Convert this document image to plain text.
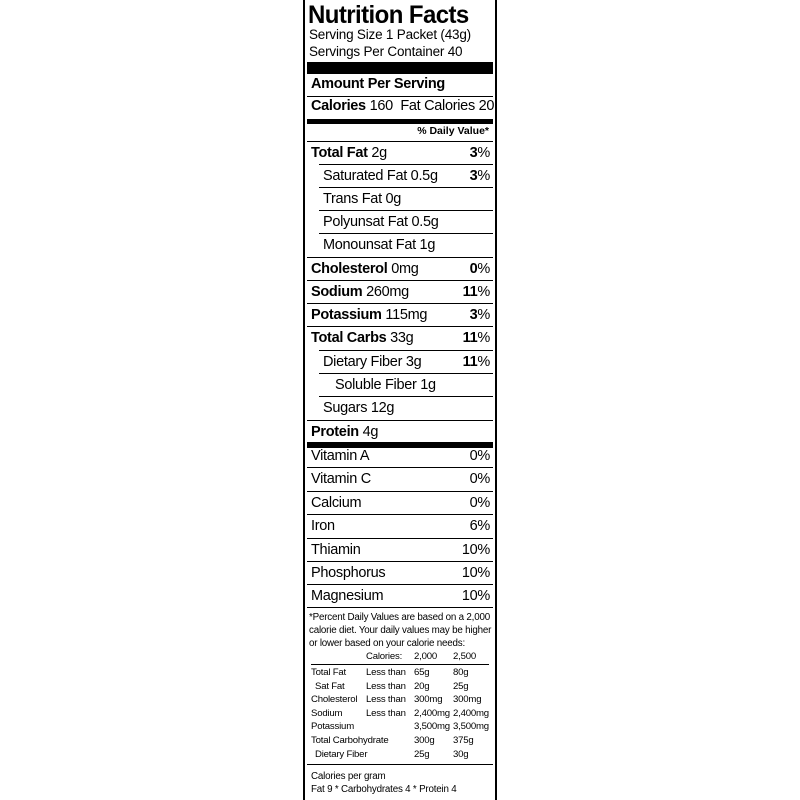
Nutrition Facts
Serving Size 1 Packet (43g)
Servings Per Container 40
Amount Per Serving
Calories 160 Fat Calories 20
% Daily Value*
Total Fat 2g	3%
Saturated Fat 0.5g 3%
Trans Fat 0g
Polyunsat Fat 0.5g
Monounsat Fat 1g
Cholesterol 0mg	0%
Sodium 260mg	11%
Potassium 115mg	3%
Total Carbs 33g	11%
Dietary Fiber 3g	11%
Soluble Fiber 1g
Sugars 12g
Protein 4g
Vitamin A	0%
Vitamin C	0%
Calcium	0%
Iron	6%
Thiamin	10%
Phosphorus	10%
Magnesium	10%
*Percent Daily Values are based on a 2,000
calorie diet. Your daily values may be higher
or lower based on your calorie needs:
Calories: 2,000 2,500
Total Fat Less than 65g 80g
Sat Fat Less than 20g 25g
Cholesterol Less than 300mg 300mg
Sodium Less than 2,400mg 2,400mg
Potassium	3,500mg 3,500mg
Total Carbohydrate	300g 375g
Dietary Fiber	25g 30g
Calories per gram
Fat 9 * Carbohydrates 4 * Protein 4
